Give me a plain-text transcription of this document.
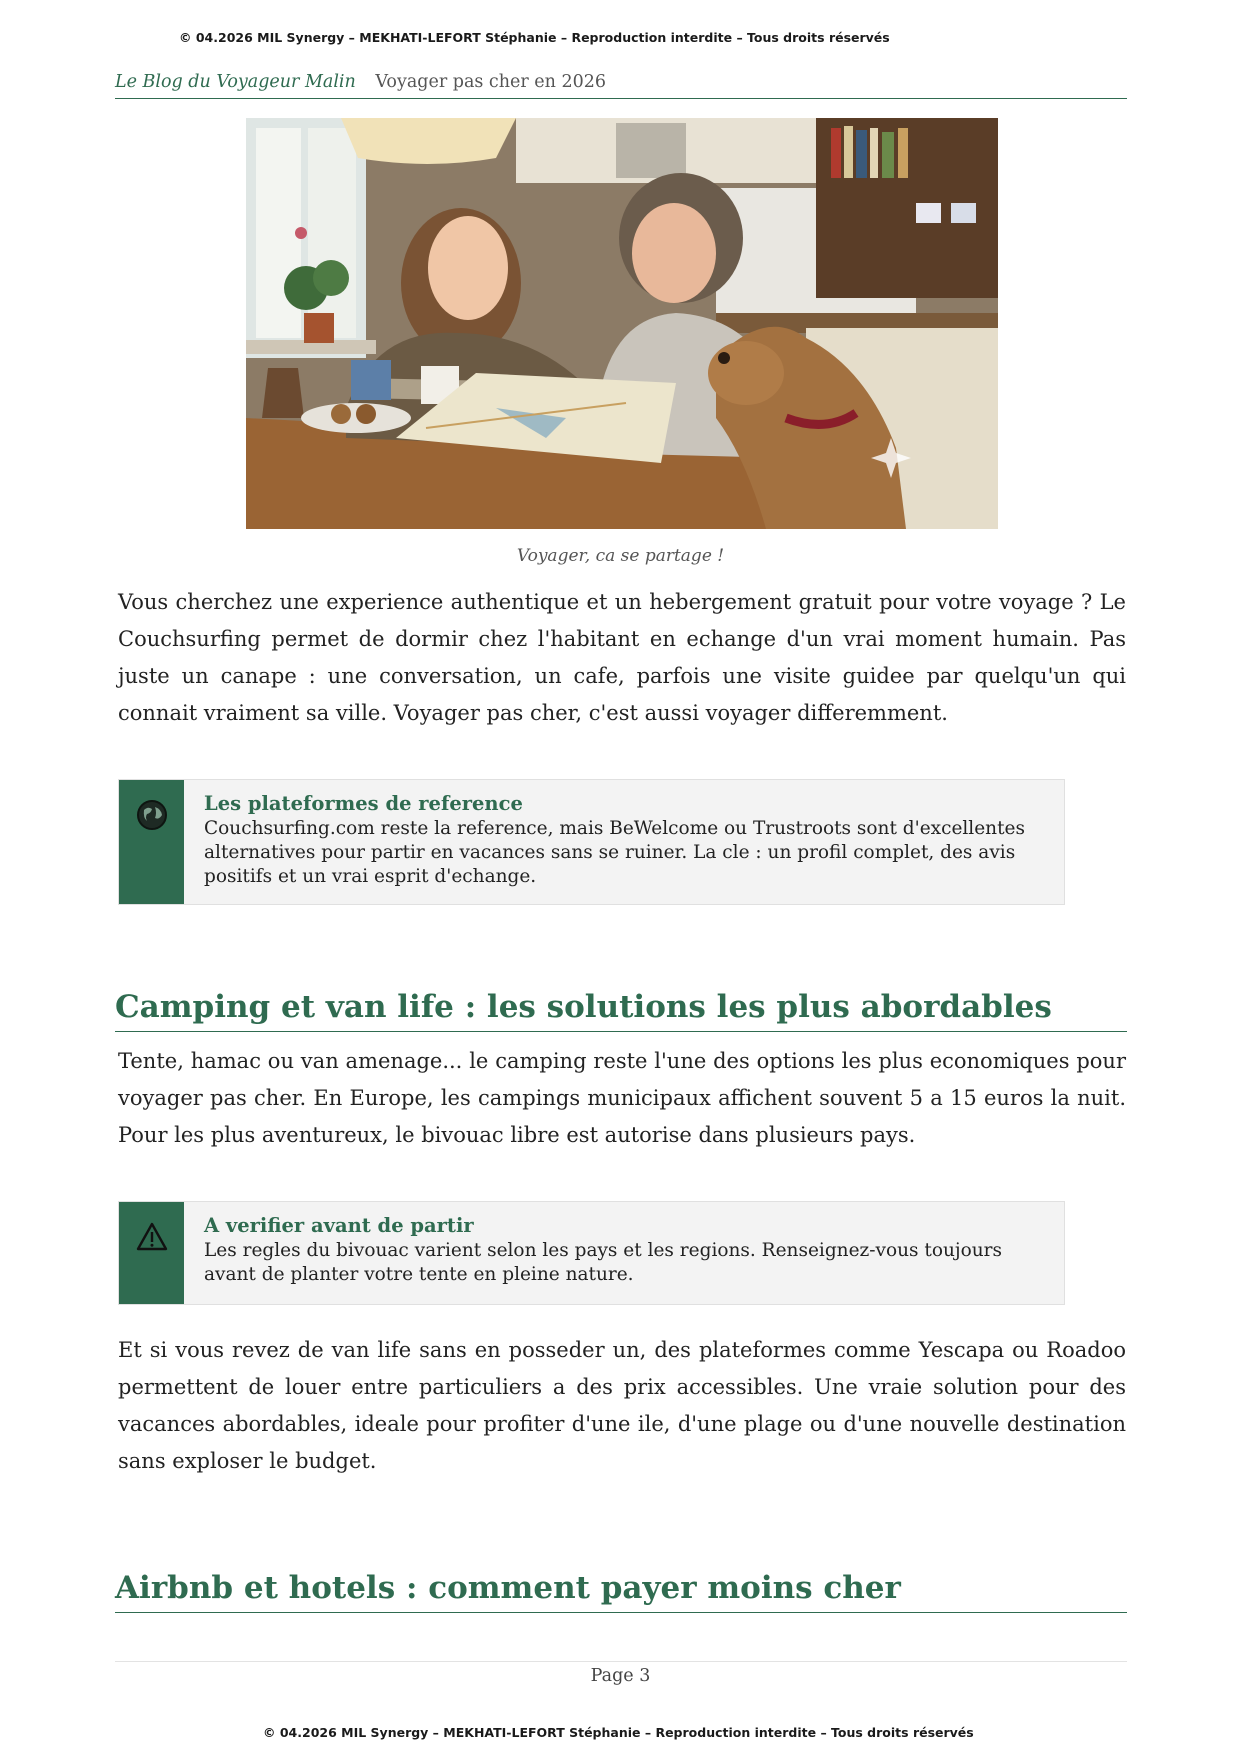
© 04.2026 MIL Synergy – MEKHATI-LEFORT Stéphanie – Reproduction interdite – Tous droits réservés
Le Blog du Voyageur Malin Voyager pas cher en 2026
Voyager, ca se partage !

Vous cherchez une experience authentique et un hebergement gratuit pour votre voyage ? Le Couchsurfing permet de dormir chez l'habitant en echange d'un vrai moment humain. Pas juste un canape : une conversation, un cafe, parfois une visite guidee par quelqu'un qui connait vraiment sa ville. Voyager pas cher, c'est aussi voyager differemment.

Les plateformes de reference
Couchsurfing.com reste la reference, mais BeWelcome ou Trustroots sont d'excellentes alternatives pour partir en vacances sans se ruiner. La cle : un profil complet, des avis positifs et un vrai esprit d'echange.
Camping et van life : les solutions les plus abordables

Tente, hamac ou van amenage... le camping reste l'une des options les plus economiques pour voyager pas cher. En Europe, les campings municipaux affichent souvent 5 a 15 euros la nuit. Pour les plus aventureux, le bivouac libre est autorise dans plusieurs pays.

A verifier avant de partir
Les regles du bivouac varient selon les pays et les regions. Renseignez-vous toujours avant de planter votre tente en pleine nature.

Et si vous revez de van life sans en posseder un, des plateformes comme Yescapa ou Roadoo permettent de louer entre particuliers a des prix accessibles. Une vraie solution pour des vacances abordables, ideale pour profiter d'une ile, d'une plage ou d'une nouvelle destination sans exploser le budget.

Airbnb et hotels : comment payer moins cher
Page 3
© 04.2026 MIL Synergy – MEKHATI-LEFORT Stéphanie – Reproduction interdite – Tous droits réservés
